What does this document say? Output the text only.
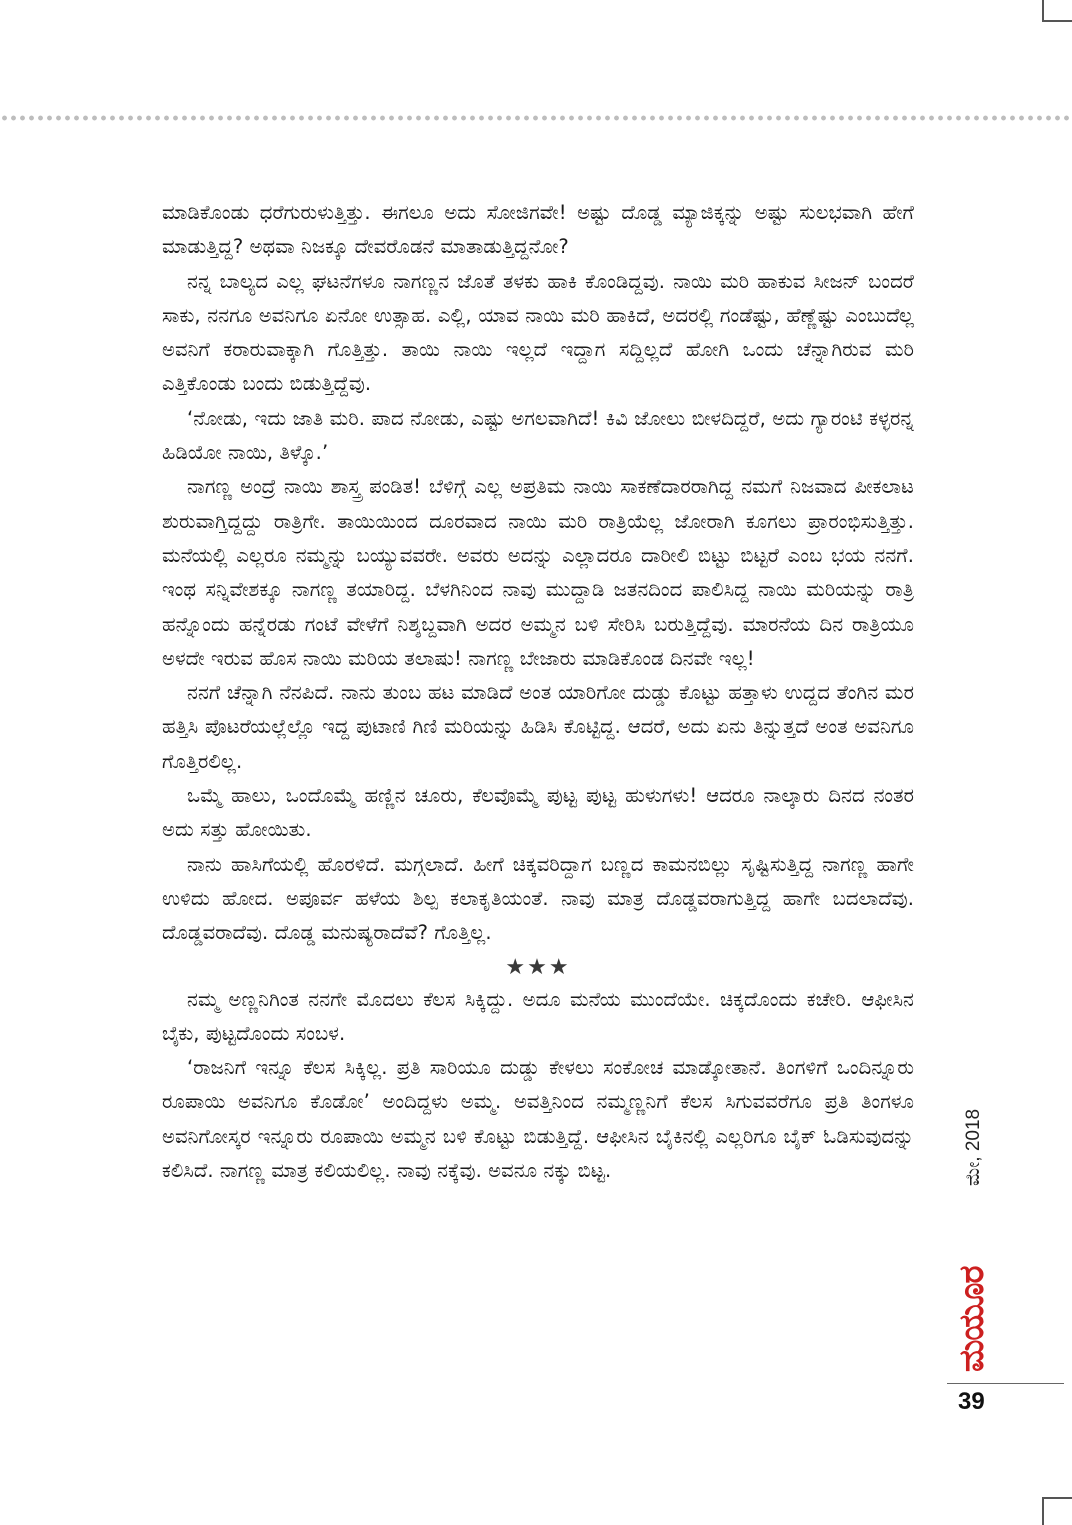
ಮಾಡಿಕೊಂಡು ಧರೆಗುರುಳುತ್ತಿತ್ತು. ಈಗಲೂ ಅದು ಸೋಜಿಗವೇ! ಅಷ್ಟು ದೊಡ್ಡ ಮ್ಯಾಜಿಕ್ಕನ್ನು ಅಷ್ಟು ಸುಲಭವಾಗಿ ಹೇಗೆ ಮಾಡುತ್ತಿದ್ದ? ಅಥವಾ ನಿಜಕ್ಕೂ ದೇವರೊಡನೆ ಮಾತಾಡುತ್ತಿದ್ದನೋ?

ನನ್ನ ಬಾಲ್ಯದ ಎಲ್ಲ ಘಟನೆಗಳೂ ನಾಗಣ್ಣನ ಜೊತೆ ತಳಕು ಹಾಕಿ ಕೊಂಡಿದ್ದವು. ನಾಯಿ ಮರಿ ಹಾಕುವ ಸೀಜನ್ ಬಂದರೆ ಸಾಕು, ನನಗೂ ಅವನಿಗೂ ಏನೋ ಉತ್ಸಾಹ. ಎಲ್ಲಿ, ಯಾವ ನಾಯಿ ಮರಿ ಹಾಕಿದೆ, ಅದರಲ್ಲಿ ಗಂಡೆಷ್ಟು, ಹೆಣ್ಣೆಷ್ಟು ಎಂಬುದೆಲ್ಲ ಅವನಿಗೆ ಕರಾರುವಾಕ್ಕಾಗಿ ಗೊತ್ತಿತ್ತು. ತಾಯಿ ನಾಯಿ ಇಲ್ಲದೆ ಇದ್ದಾಗ ಸದ್ದಿಲ್ಲದೆ ಹೋಗಿ ಒಂದು ಚೆನ್ನಾಗಿರುವ ಮರಿ ಎತ್ತಿಕೊಂಡು ಬಂದು ಬಿಡುತ್ತಿದ್ದೆವು.

‘ನೋಡು, ಇದು ಜಾತಿ ಮರಿ. ಪಾದ ನೋಡು, ಎಷ್ಟು ಅಗಲವಾಗಿದೆ! ಕಿವಿ ಜೋಲು ಬೀಳದಿದ್ದರೆ, ಅದು ಗ್ಯಾರಂಟಿ ಕಳ್ಳರನ್ನ ಹಿಡಿಯೋ ನಾಯಿ, ತಿಳ್ಕೊ.’

ನಾಗಣ್ಣ ಅಂದ್ರೆ ನಾಯಿ ಶಾಸ್ತ್ರ ಪಂಡಿತ! ಬೆಳಿಗ್ಗೆ ಎಲ್ಲ ಅಪ್ರತಿಮ ನಾಯಿ ಸಾಕಣೆದಾರರಾಗಿದ್ದ ನಮಗೆ ನಿಜವಾದ ಪೀಕಲಾಟ ಶುರುವಾಗ್ತಿದ್ದದ್ದು ರಾತ್ರಿಗೇ. ತಾಯಿಯಿಂದ ದೂರವಾದ ನಾಯಿ ಮರಿ ರಾತ್ರಿಯೆಲ್ಲ ಜೋರಾಗಿ ಕೂಗಲು ಪ್ರಾರಂಭಿಸುತ್ತಿತ್ತು. ಮನೆಯಲ್ಲಿ ಎಲ್ಲರೂ ನಮ್ಮನ್ನು ಬಯ್ಯುವವರೇ. ಅವರು ಅದನ್ನು ಎಲ್ಲಾದರೂ ದಾರೀಲಿ ಬಿಟ್ಟು ಬಿಟ್ಟರೆ ಎಂಬ ಭಯ ನನಗೆ. ಇಂಥ ಸನ್ನಿವೇಶಕ್ಕೂ ನಾಗಣ್ಣ ತಯಾರಿದ್ದ. ಬೆಳಗಿನಿಂದ ನಾವು ಮುದ್ದಾಡಿ ಜತನದಿಂದ ಪಾಲಿಸಿದ್ದ ನಾಯಿ ಮರಿಯನ್ನು ರಾತ್ರಿ ಹನ್ನೊಂದು ಹನ್ನೆರಡು ಗಂಟೆ ವೇಳೆಗೆ ನಿಶ್ಶಬ್ದವಾಗಿ ಅದರ ಅಮ್ಮನ ಬಳಿ ಸೇರಿಸಿ ಬರುತ್ತಿದ್ದೆವು. ಮಾರನೆಯ ದಿನ ರಾತ್ರಿಯೂ ಅಳದೇ ಇರುವ ಹೊಸ ನಾಯಿ ಮರಿಯ ತಲಾಷು! ನಾಗಣ್ಣ ಬೇಜಾರು ಮಾಡಿಕೊಂಡ ದಿನವೇ ಇಲ್ಲ!

ನನಗೆ ಚೆನ್ನಾಗಿ ನೆನಪಿದೆ. ನಾನು ತುಂಬ ಹಟ ಮಾಡಿದೆ ಅಂತ ಯಾರಿಗೋ ದುಡ್ಡು ಕೊಟ್ಟು ಹತ್ತಾಳು ಉದ್ದದ ತೆಂಗಿನ ಮರ ಹತ್ತಿಸಿ ಪೊಟರೆಯಲ್ಲೆಲ್ಲೊ ಇದ್ದ ಪುಟಾಣಿ ಗಿಣಿ ಮರಿಯನ್ನು ಹಿಡಿಸಿ ಕೊಟ್ಟಿದ್ದ. ಆದರೆ, ಅದು ಏನು ತಿನ್ನುತ್ತದೆ ಅಂತ ಅವನಿಗೂ ಗೊತ್ತಿರಲಿಲ್ಲ.

ಒಮ್ಮೆ ಹಾಲು, ಒಂದೊಮ್ಮೆ ಹಣ್ಣಿನ ಚೂರು, ಕೆಲವೊಮ್ಮೆ ಪುಟ್ಟ ಪುಟ್ಟ ಹುಳುಗಳು! ಆದರೂ ನಾಲ್ಕಾರು ದಿನದ ನಂತರ ಅದು ಸತ್ತು ಹೋಯಿತು.

ನಾನು ಹಾಸಿಗೆಯಲ್ಲಿ ಹೊರಳಿದೆ. ಮಗ್ಗಲಾದೆ. ಹೀಗೆ ಚಿಕ್ಕವರಿದ್ದಾಗ ಬಣ್ಣದ ಕಾಮನಬಿಲ್ಲು ಸೃಷ್ಟಿಸುತ್ತಿದ್ದ ನಾಗಣ್ಣ ಹಾಗೇ ಉಳಿದು ಹೋದ. ಅಪೂರ್ವ ಹಳೆಯ ಶಿಲ್ಪ ಕಲಾಕೃತಿಯಂತೆ. ನಾವು ಮಾತ್ರ ದೊಡ್ಡವರಾಗುತ್ತಿದ್ದ ಹಾಗೇ ಬದಲಾದೆವು. ದೊಡ್ಡವರಾದೆವು. ದೊಡ್ಡ ಮನುಷ್ಯರಾದೆವೆ? ಗೊತ್ತಿಲ್ಲ.

★★★

ನಮ್ಮ ಅಣ್ಣನಿಗಿಂತ ನನಗೇ ಮೊದಲು ಕೆಲಸ ಸಿಕ್ಕಿದ್ದು. ಅದೂ ಮನೆಯ ಮುಂದೆಯೇ. ಚಿಕ್ಕದೊಂದು ಕಚೇರಿ. ಆಫೀಸಿನ ಬೈಕು, ಪುಟ್ಟದೊಂದು ಸಂಬಳ.

‘ರಾಜನಿಗೆ ಇನ್ನೂ ಕೆಲಸ ಸಿಕ್ಕಿಲ್ಲ. ಪ್ರತಿ ಸಾರಿಯೂ ದುಡ್ಡು ಕೇಳಲು ಸಂಕೋಚ ಮಾಡ್ಕೋತಾನೆ. ತಿಂಗಳಿಗೆ ಒಂದಿನ್ನೂರು ರೂಪಾಯಿ ಅವನಿಗೂ ಕೊಡೋ’ ಅಂದಿದ್ದಳು ಅಮ್ಮ. ಅವತ್ತಿನಿಂದ ನಮ್ಮಣ್ಣನಿಗೆ ಕೆಲಸ ಸಿಗುವವರೆಗೂ ಪ್ರತಿ ತಿಂಗಳೂ ಅವನಿಗೋಸ್ಕರ ಇನ್ನೂರು ರೂಪಾಯಿ ಅಮ್ಮನ ಬಳಿ ಕೊಟ್ಟು ಬಿಡುತ್ತಿದ್ದೆ. ಆಫೀಸಿನ ಬೈಕಿನಲ್ಲಿ ಎಲ್ಲರಿಗೂ ಬೈಕ್ ಓಡಿಸುವುದನ್ನು ಕಲಿಸಿದೆ. ನಾಗಣ್ಣ ಮಾತ್ರ ಕಲಿಯಲಿಲ್ಲ. ನಾವು ನಕ್ಕೆವು. ಅವನೂ ನಕ್ಕು ಬಿಟ್ಟ.	ಮೇ, 2018
ಮಯೂರ
39
